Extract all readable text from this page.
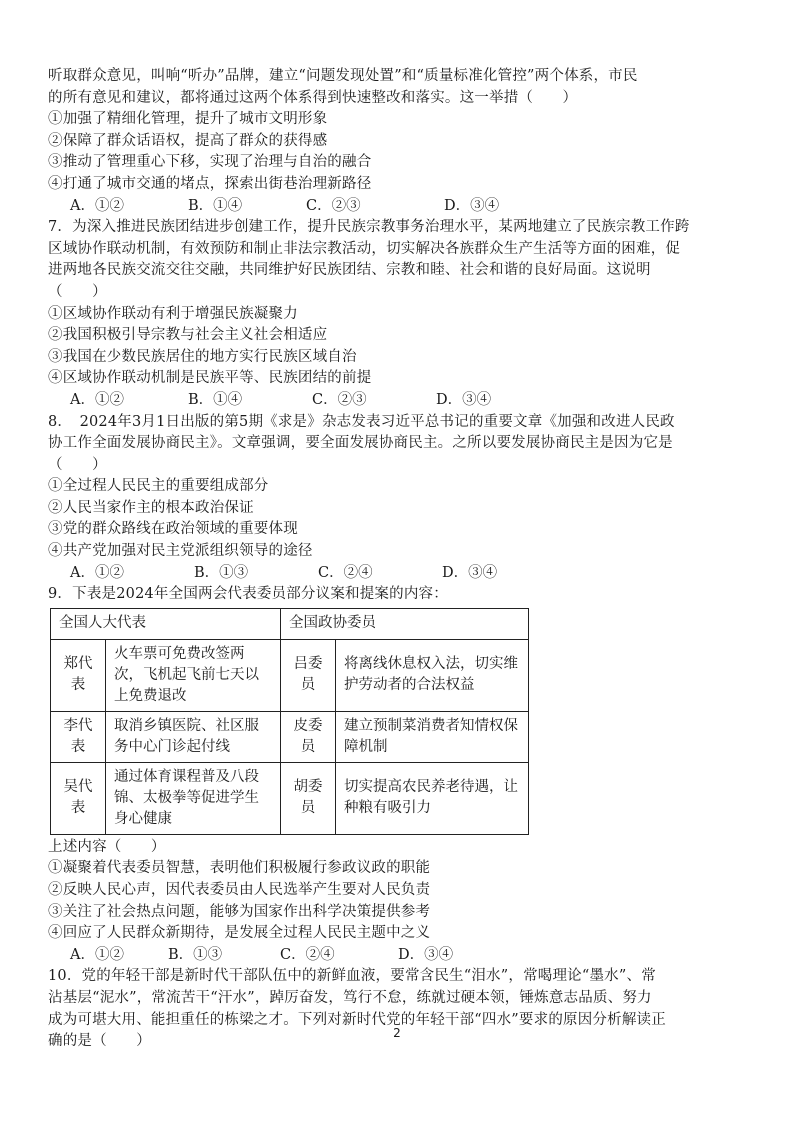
听取群众意见，叫响“听办”品牌，建立“问题发现处置”和“质量标准化管控”两个体系，市民
的所有意见和建议，都将通过这两个体系得到快速整改和落实。这一举措（　　）
①加强了精细化管理，提升了城市文明形象
②保障了群众话语权，提高了群众的获得感
③推动了管理重心下移，实现了治理与自治的融合
④打通了城市交通的堵点，探索出街巷治理新路径
A．①②	B．①④	C．②③	D．③④
7．为深入推进民族团结进步创建工作，提升民族宗教事务治理水平，某两地建立了民族宗教工作跨
区域协作联动机制，有效预防和制止非法宗教活动，切实解决各族群众生产生活等方面的困难，促
进两地各民族交流交往交融，共同维护好民族团结、宗教和睦、社会和谐的良好局面。这说明
（　　）
①区域协作联动有利于增强民族凝聚力
②我国积极引导宗教与社会主义社会相适应
③我国在少数民族居住的地方实行民族区域自治
④区域协作联动机制是民族平等、民族团结的前提
A．①②	B．①④	C．②③	D．③④
8．　2024年3月1日出版的第5期《求是》杂志发表习近平总书记的重要文章《加强和改进人民政
协工作全面发展协商民主》。文章强调，要全面发展协商民主。之所以要发展协商民主是因为它是
（　　）
①全过程人民民主的重要组成部分
②人民当家作主的根本政治保证
③党的群众路线在政治领域的重要体现
④共产党加强对民主党派组织领导的途径
A．①②	B．①③	C．②④	D．③④
9．下表是2024年全国两会代表委员部分议案和提案的内容：
全国人大代表		全国政协委员	
郑代表	火车票可免费改签两次，飞机起飞前七天以上免费退改	吕委员	将离线休息权入法，切实维护劳动者的合法权益
李代表	取消乡镇医院、社区服务中心门诊起付线	皮委员	建立预制菜消费者知情权保障机制
吴代表	通过体育课程普及八段锦、太极拳等促进学生身心健康	胡委员	切实提高农民养老待遇，让种粮有吸引力
上述内容（　　）
①凝聚着代表委员智慧，表明他们积极履行参政议政的职能
②反映人民心声，因代表委员由人民选举产生要对人民负责
③关注了社会热点问题，能够为国家作出科学决策提供参考
④回应了人民群众新期待，是发展全过程人民民主题中之义
A．①②	B．①③	C．②④	D．③④
10．党的年轻干部是新时代干部队伍中的新鲜血液，要常含民生“泪水”，常喝理论“墨水”、常
沾基层“泥水”，常流苦干“汗水”，踔厉奋发，笃行不怠，练就过硬本领，锤炼意志品质、努力
成为可堪大用、能担重任的栋梁之才。下列对新时代党的年轻干部“四水”要求的原因分析解读正
确的是（　　）
2
